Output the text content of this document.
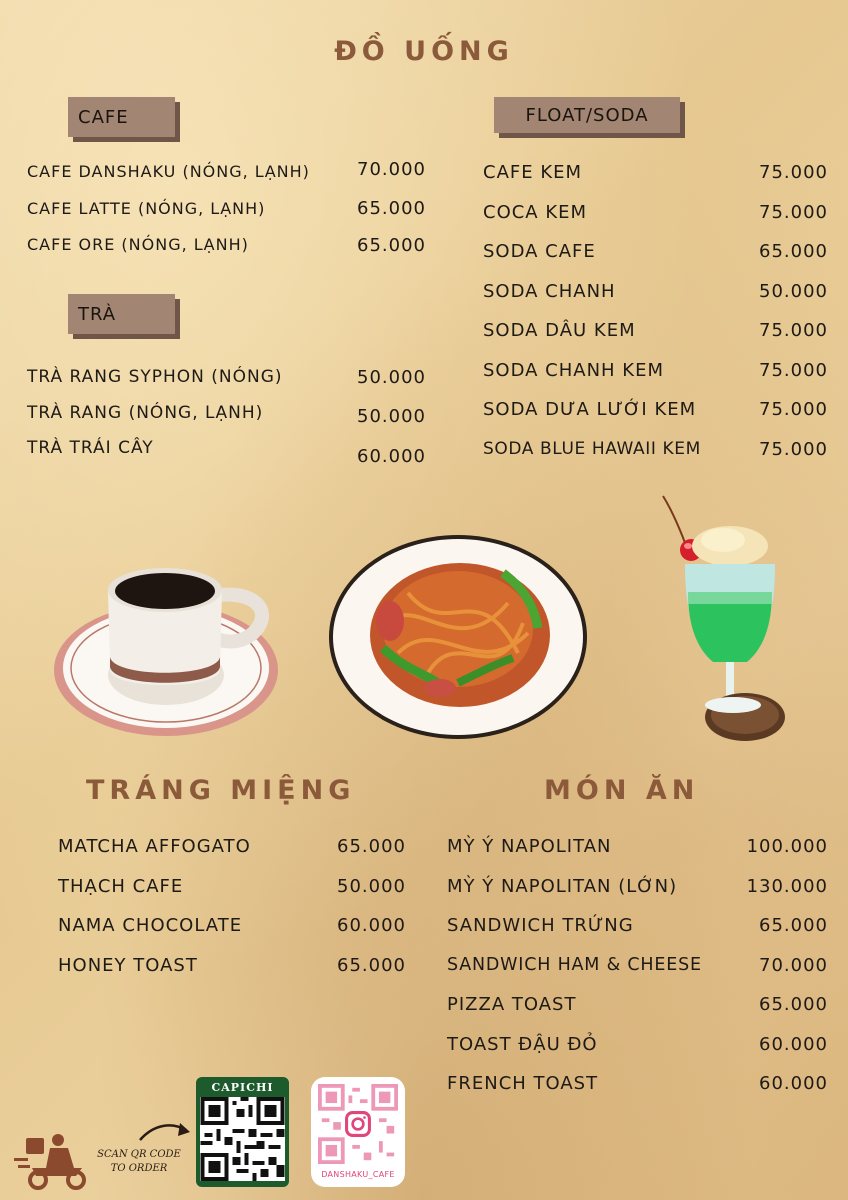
ĐỒ UỐNG
CAFE
CAFE DANSHAKU (NÓNG, LẠNH)	70.000
CAFE LATTE (NÓNG, LẠNH)	65.000
CAFE ORE (NÓNG, LẠNH)	65.000
TRÀ
TRÀ RANG SYPHON (NÓNG)	50.000
TRÀ RANG (NÓNG, LẠNH)	50.000
TRÀ TRÁI CÂY	60.000
FLOAT/SODA
CAFE KEM	75.000
COCA KEM	75.000
SODA CAFE	65.000
SODA CHANH	50.000
SODA DÂU KEM	75.000
SODA CHANH KEM	75.000
SODA DƯA LƯỚI KEM	75.000
SODA BLUE HAWAII KEM	75.000
TRÁNG MIỆNG
MATCHA AFFOGATO	65.000
THẠCH CAFE	50.000
NAMA CHOCOLATE	60.000
HONEY TOAST	65.000
MÓN ĂN
MỲ Ý NAPOLITAN	100.000
MỲ Ý NAPOLITAN (LỚN)	130.000
SANDWICH TRỨNG	65.000
SANDWICH HAM & CHEESE	70.000
PIZZA TOAST	65.000
TOAST ĐẬU ĐỎ	60.000
FRENCH TOAST	60.000
SCAN QR CODE
TO ORDER
CAPICHI
DANSHAKU_CAFE
